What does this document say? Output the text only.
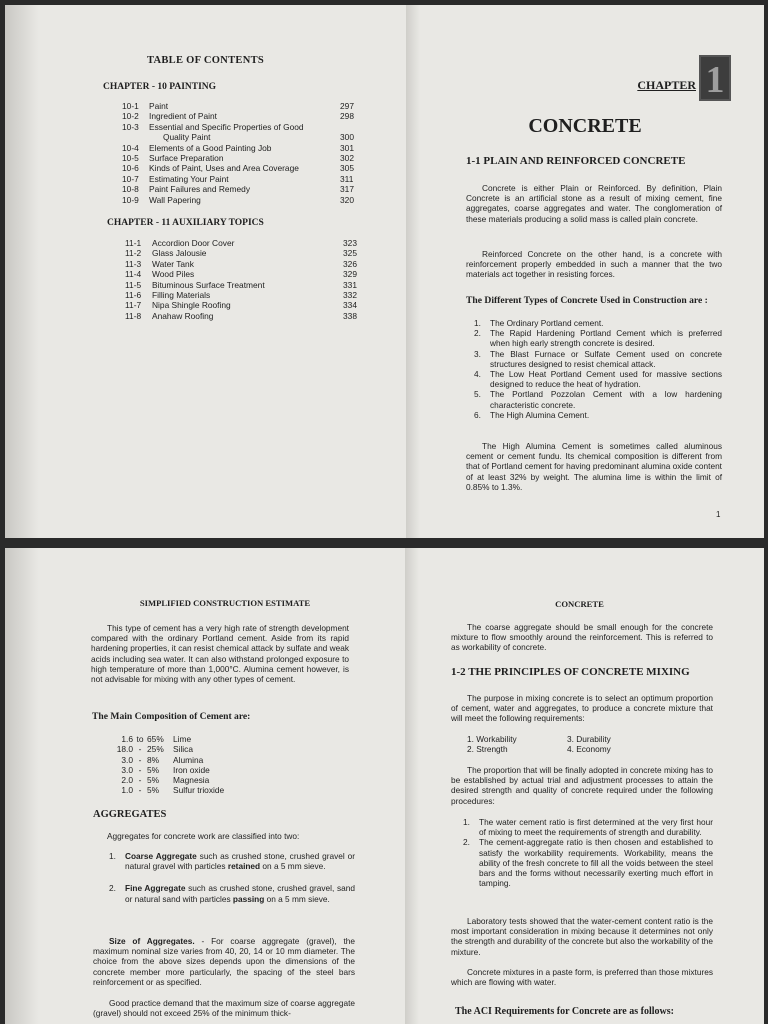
TABLE OF CONTENTS
CHAPTER - 10 PAINTING
10-1	Paint	297
10-2	Ingredient of Paint	298
10-3	Essential and Specific Properties of Good
Quality Paint	300
10-4	Elements of a Good Painting Job	301
10-5	Surface Preparation	302
10-6	Kinds of Paint, Uses and Area Coverage	305
10-7	Estimating Your Paint	311
10-8	Paint Failures and Remedy	317
10-9	Wall Papering	320
CHAPTER - 11 AUXILIARY TOPICS
11-1	Accordion Door Cover	323
11-2	Glass Jalousie	325
11-3	Water Tank	326
11-4	Wood Piles	329
11-5	Bituminous Surface Treatment	331
11-6	Filling Materials	332
11-7	Nipa Shingle Roofing	334
11-8	Anahaw Roofing	338
CHAPTER 1
CONCRETE
1-1 PLAIN AND REINFORCED CONCRETE
Concrete is either Plain or Reinforced. By definition, Plain Concrete is an artificial stone as a result of mixing cement, fine aggregates, coarse aggregates and water. The conglomeration of these materials producing a solid mass is called plain concrete.
Reinforced Concrete on the other hand, is a concrete with reinforcement properly embedded in such a manner that the two materials act together in resisting forces.
The Different Types of Concrete Used in Construction are :
1.	The Ordinary Portland cement.
2.	The Rapid Hardening Portland Cement which is preferred when high early strength concrete is desired.
3.	The Blast Furnace or Sulfate Cement used on concrete structures designed to resist chemical attack.
4.	The Low Heat Portland Cement used for massive sections designed to reduce the heat of hydration.
5.	The Portland Pozzolan Cement with a low hardening characteristic concrete.
6.	The High Alumina Cement.
The High Alumina Cement is sometimes called aluminous cement or cement fundu. Its chemical composition is different from that of Portland cement for having predominant alumina oxide content of at least 32% by weight. The alumina lime is within the limit of 0.85% to 1.3%.
1
SIMPLIFIED CONSTRUCTION ESTIMATE
This type of cement has a very high rate of strength development compared with the ordinary Portland cement. Aside from its rapid hardening properties, it can resist chemical attack by sulfate and weak acids including sea water. It can also withstand prolonged exposure to high temperature of more than 1,000°C. Alumina cement however, is not advisable for mixing with any other types of cement.
The Main Composition of Cement are:
1.6 to 65%	Lime
18.0 - 25%	Silica
3.0 - 8%	Alumina
3.0 - 5%	Iron oxide
2.0 - 5%	Magnesia
1.0 - 5%	Sulfur trioxide
AGGREGATES
Aggregates for concrete work are classified into two:
1.	Coarse Aggregate such as crushed stone, crushed gravel or natural gravel with particles retained on a 5 mm sieve.
2.	Fine Aggregate such as crushed stone, crushed gravel, sand or natural sand with particles passing on a 5 mm sieve.
Size of Aggregates. - For coarse aggregate (gravel), the maximum nominal size varies from 40, 20, 14 or 10 mm diameter. The choice from the above sizes depends upon the dimensions of the concrete member more particularly, the spacing of the steel bars reinforcement or as specified.
Good practice demand that the maximum size of coarse aggregate (gravel) should not exceed 25% of the minimum thick-
CONCRETE
The coarse aggregate should be small enough for the concrete mixture to flow smoothly around the reinforcement. This is referred to as workability of concrete.
1-2 THE PRINCIPLES OF CONCRETE MIXING
The purpose in mixing concrete is to select an optimum proportion of cement, water and aggregates, to produce a concrete mixture that will meet the following requirements:
1. Workability	3. Durability
2. Strength	4. Economy
The proportion that will be finally adopted in concrete mixing has to be established by actual trial and adjustment processes to attain the desired strength and quality of concrete required under the following procedures:
1.	The water cement ratio is first determined at the very first hour of mixing to meet the requirements of strength and durability.
2.	The cement-aggregate ratio is then chosen and established to satisfy the workability requirements. Workability, means the ability of the fresh concrete to fill all the voids between the steel bars and the forms without necessarily exerting much effort in tamping.
Laboratory tests showed that the water-cement content ratio is the most important consideration in mixing because it determines not only the strength and durability of the concrete but also the workability of the mixture.
Concrete mixtures in a paste form, is preferred than those mixtures which are flowing with water.
The ACI Requirements for Concrete are as follows:
